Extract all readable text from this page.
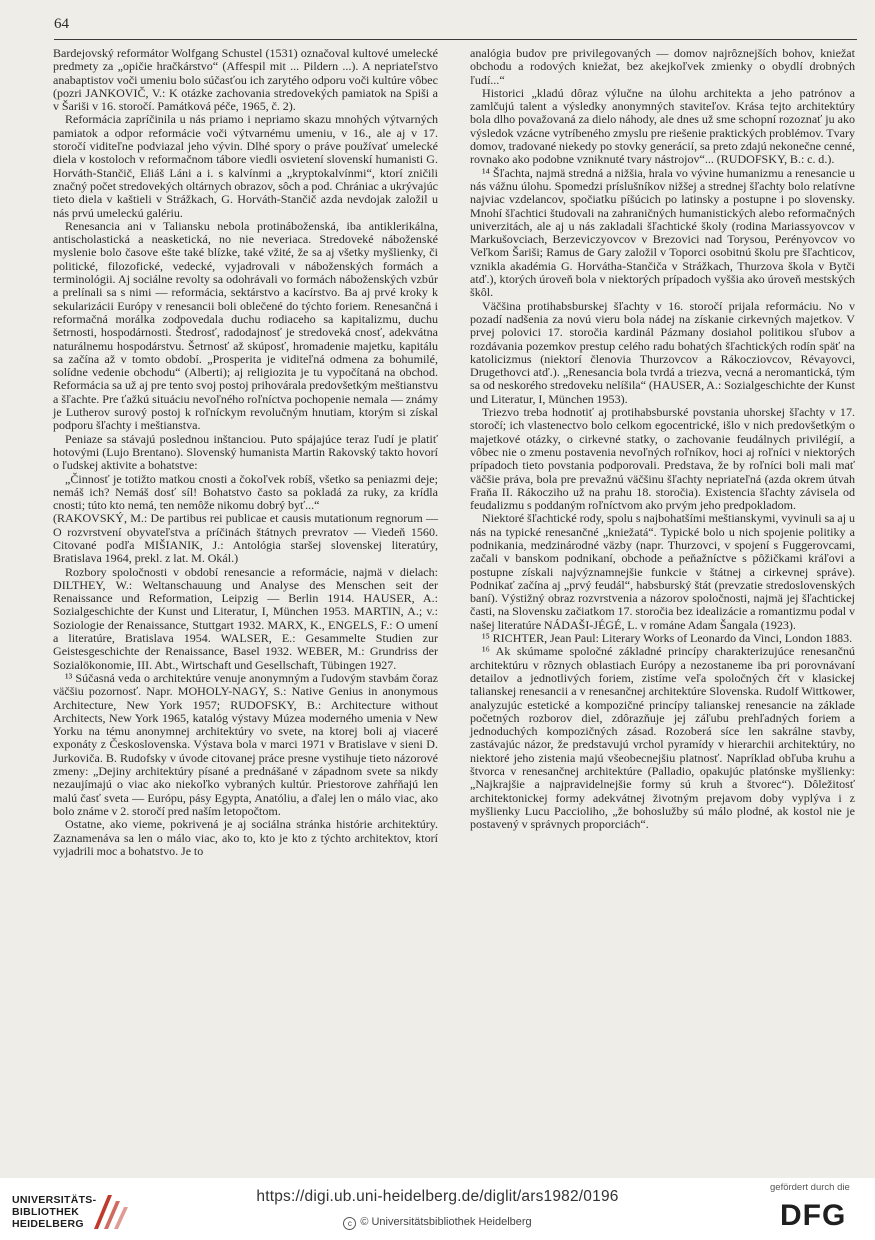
64

Bardejovský reformátor Wolfgang Schustel (1531) označoval kultové umelecké predmety za „opičie hračkárstvo“ (Affespil mit ... Pildern ...). A nepriateľstvo anabaptistov voči umeniu bolo súčasťou ich zarytého odporu voči kultúre vôbec (pozri JANKOVIČ, V.: K otázke zachovania stredovekých pamiatok na Spiši a v Šariši v 16. storočí. Památková péče, 1965, č. 2).

Reformácia zapríčinila u nás priamo i nepriamo skazu mnohých výtvarných pamiatok a odpor reformácie voči výtvarnému umeniu, v 16., ale aj v 17. storočí viditeľne podviazal jeho vývin. Dlhé spory o práve používať umelecké diela v kostoloch v reformačnom tábore viedli osvietení slovenskí humanisti G. Horváth-Stančič, Eliáš Láni a i. s kalvínmi a „kryptokalvínmi“, ktorí zničili značný počet stredovekých oltárnych obrazov, sôch a pod. Chrániac a ukrývajúc tieto diela v kaštieli v Strážkach, G. Horváth-Stančič azda nevdojak založil u nás prvú umeleckú galériu.

Renesancia ani v Taliansku nebola protináboženská, iba antiklerikálna, antischolastická a neasketická, no nie neveriaca. Stredoveké náboženské myslenie bolo časove ešte také blízke, také vžité, že sa aj všetky myšlienky, či politické, filozofické, vedecké, vyjadrovali v náboženských formách a terminológii. Aj sociálne revolty sa odohrávali vo formách náboženských vzbúr a prelínali sa s nimi — reformácia, sektárstvo a kacírstvo. Ba aj prvé kroky k sekularizácii Európy v renesancii boli oblečené do týchto foriem. Renesančná i reformačná morálka zodpovedala duchu rodiaceho sa kapitalizmu, duchu šetrnosti, hospodárnosti. Štedrosť, radodajnosť je stredoveká cnosť, adekvátna naturálnemu hospodárstvu. Šetrnosť až skúposť, hromadenie majetku, kapitálu sa začína až v tomto období. „Prosperita je viditeľná odmena za bohumilé, solídne vedenie obchodu“ (Alberti); aj religiozita je tu vypočítaná na obchod. Reformácia sa už aj pre tento svoj postoj prihovárala predovšetkým meštianstvu a šľachte. Pre ťažkú situáciu nevoľného roľníctva pochopenie nemala — známy je Lutherov surový postoj k roľníckym revolučným hnutiam, ktorým si získal podporu šľachty i meštianstva.

Peniaze sa stávajú poslednou inštanciou. Puto spájajúce teraz ľudí je platiť hotovými (Lujo Brentano). Slovenský humanista Martin Rakovský takto hovorí o ľudskej aktivite a bohatstve:

„Činnosť je totižto matkou cnosti a čokoľvek robíš, všetko sa peniazmi deje; nemáš ich? Nemáš dosť síl! Bohatstvo často sa pokladá za ruky, za krídla cnosti; túto kto nemá, ten nemôže nikomu dobrý byť...“

(RAKOVSKÝ, M.: De partibus rei publicae et causis mutationum regnorum — O rozvrstvení obyvateľstva a príčinách štátnych prevratov — Viedeň 1560. Citované podľa MIŠIANIK, J.: Antológia staršej slovenskej literatúry, Bratislava 1964, prekl. z lat. M. Okál.)

Rozbory spoločnosti v období renesancie a reformácie, najmä v dielach: DILTHEY, W.: Weltanschauung und Analyse des Menschen seit der Renaissance und Reformation, Leipzig — Berlin 1914. HAUSER, A.: Sozialgeschichte der Kunst und Literatur, I, München 1953. MARTIN, A.; v.: Soziologie der Renaissance, Stuttgart 1932. MARX, K., ENGELS, F.: O umení a literatúre, Bratislava 1954. WALSER, E.: Gesammelte Studien zur Geistesgeschichte der Renaissance, Basel 1932. WEBER, M.: Grundriss der Sozialökonomie, III. Abt., Wirtschaft und Gesellschaft, Tübingen 1927.

¹³ Súčasná veda o architektúre venuje anonymným a ľudovým stavbám čoraz väčšiu pozornosť. Napr. MOHOLY-NAGY, S.: Native Genius in anonymous Architecture, New York 1957; RUDOFSKY, B.: Architecture without Architects, New York 1965, katalóg výstavy Múzea moderného umenia v New Yorku na tému anonymnej architektúry vo svete, na ktorej boli aj viaceré exponáty z Československa. Výstava bola v marci 1971 v Bratislave v sieni D. Jurkoviča. B. Rudofsky v úvode citovanej práce presne vystihuje tieto názorové zmeny: „Dejiny architektúry písané a prednášané v západnom svete sa nikdy nezaujímajú o viac ako niekoľko vybraných kultúr. Priestorove zahŕňajú len malú časť sveta — Európu, pásy Egypta, Anatóliu, a ďalej len o málo viac, ako bolo známe v 2. storočí pred naším letopočtom.

Ostatne, ako vieme, pokrivená je aj sociálna stránka histórie architektúry. Zaznamenáva sa len o málo viac, ako to, kto je kto z týchto architektov, ktorí vyjadrili moc a bohatstvo. Je to

analógia budov pre privilegovaných — domov najrôznejších bohov, kniežat obchodu a rodových kniežat, bez akejkoľvek zmienky o obydlí drobných ľudí...“

Historici „kladú dôraz výlučne na úlohu architekta a jeho patrónov a zamlčujú talent a výsledky anonymných staviteľov. Krása tejto architektúry bola dlho považovaná za dielo náhody, ale dnes už sme schopní rozoznať ju ako výsledok vzácne vytríbeného zmyslu pre riešenie praktických problémov. Tvary domov, tradované niekedy po stovky generácií, sa preto zdajú nekonečne cenné, rovnako ako podobne vzniknuté tvary nástrojov“... (RUDOFSKY, B.: c. d.).

¹⁴ Šľachta, najmä stredná a nižšia, hrala vo vývine humanizmu a renesancie u nás vážnu úlohu. Spomedzi príslušníkov nižšej a strednej šľachty bolo relatívne najviac vzdelancov, spočiatku píšúcich po latinsky a postupne i po slovensky. Mnohí šľachtici študovali na zahraničných humanistických alebo reformačných univerzitách, ale aj u nás zakladali šľachtické školy (rodina Mariassyovcov v Markušovciach, Berzeviczyovcov v Brezovici nad Torysou, Perényovcov vo Veľkom Šariši; Ramus de Gary založil v Toporci osobitnú školu pre šľachticov, vznikla akadémia G. Horvátha-Stančiča v Strážkach, Thurzova škola v Bytči atď.), ktorých úroveň bola v niektorých prípadoch vyššia ako úroveň mestských škôl.

Väčšina protihabsburskej šľachty v 16. storočí prijala reformáciu. No v pozadí nadšenia za novú vieru bola nádej na získanie cirkevných majetkov. V prvej polovici 17. storočia kardinál Pázmany dosiahol politikou sľubov a rozdávania pozemkov prestup celého radu bohatých šľachtických rodín späť na katolicizmus (niektorí členovia Thurzovcov a Rákocziovcov, Révayovci, Drugethovci atď.). „Renesancia bola tvrdá a triezva, vecná a neromantická, tým sa od neskorého stredoveku nelíšila“ (HAUSER, A.: Sozialgeschichte der Kunst und Literatur, I, München 1953).

Triezvo treba hodnotiť aj protihabsburské povstania uhorskej šľachty v 17. storočí; ich vlastenectvo bolo celkom egocentrické, išlo v nich predovšetkým o majetkové otázky, o cirkevné statky, o zachovanie feudálnych privilégií, a vôbec nie o zmenu postavenia nevoľných roľníkov, hoci aj roľníci v niektorých prípadoch tieto povstania podporovali. Predstava, že by roľníci boli mali mať väčšie práva, bola pre prevažnú väčšinu šľachty nepriateľná (azda okrem útvah Fraňa II. Rákocziho už na prahu 18. storočia). Existencia šľachty závisela od feudalizmu s poddaným roľníctvom ako prvým jeho predpokladom.

Niektoré šľachtické rody, spolu s najbohatšími meštianskymi, vyvinuli sa aj u nás na typické renesančné „kniežatá“. Typické bolo u nich spojenie politiky a podnikania, medzinárodné väzby (napr. Thurzovci, v spojení s Fuggerovcami, začali v banskom podnikaní, obchode a peňažníctve s pôžičkami kráľovi a postupne získali najvýznamnejšie funkcie v štátnej a cirkevnej správe). Podnikať začína aj „prvý feudál“, habsburský štát (prevzatie stredoslovenských baní). Výstižný obraz rozvrstvenia a názorov spoločnosti, najmä jej šľachtickej časti, na Slovensku začiatkom 17. storočia bez idealizácie a romantizmu podal v našej literatúre NÁDAŠI-JÉGÉ, L. v románe Adam Šangala (1923).

¹⁵ RICHTER, Jean Paul: Literary Works of Leonardo da Vinci, London 1883.

¹⁶ Ak skúmame spoločné základné princípy charakterizujúce renesančnú architektúru v rôznych oblastiach Európy a nezostaneme iba pri porovnávaní detailov a jednotlivých foriem, zistíme veľa spoločných čŕt v klasickej talianskej renesancii a v renesančnej architektúre Slovenska. Rudolf Wittkower, analyzujúc estetické a kompozičné princípy talianskej renesancie na základe početných rozborov diel, zdôrazňuje jej záľubu prehľadných foriem a jednoduchých kompozičných zásad. Rozoberá síce len sakrálne stavby, zastávajúc názor, že predstavujú vrchol pyramídy v hierarchii architektúry, no niektoré jeho zistenia majú všeobecnejšiu platnosť. Napríklad obľuba kruhu a štvorca v renesančnej architektúre (Palladio, opakujúc platónske myšlienky: „Najkrajšie a najpravidelnejšie formy sú kruh a štvorec“). Dôležitosť architektonickej formy adekvátnej životným prejavom doby vyplýva i z myšlienky Lucu Paccioliho, „že bohoslužby sú málo plodné, ak kostol nie je postavený v správnych proporciách“.

UNIVERSITÄTS-
BIBLIOTHEK
HEIDELBERG
https://digi.ub.uni-heidelberg.de/diglit/ars1982/0196
c © Universitätsbibliothek Heidelberg
gefördert durch die
DFG
